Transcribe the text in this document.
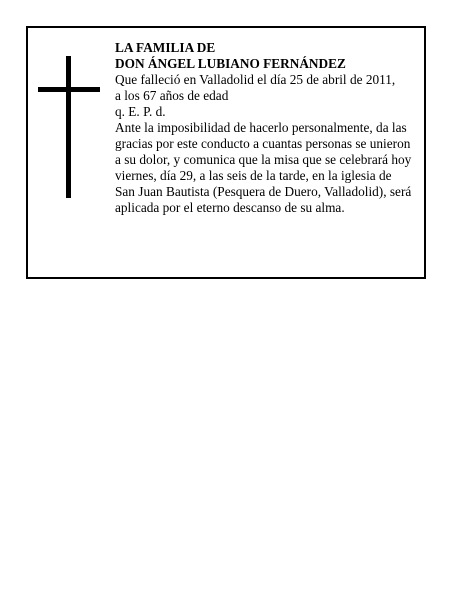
LA FAMILIA DE
DON ÁNGEL LUBIANO FERNÁNDEZ
Que falleció en Valladolid el día 25 de abril de 2011,
a los 67 años de edad
q. E. P. d.
Ante la imposibilidad de hacerlo personalmente, da las
gracias por este conducto a cuantas personas se unieron
a su dolor, y comunica que la misa que se celebrará hoy
viernes, día 29, a las seis de la tarde, en la iglesia de
San Juan Bautista (Pesquera de Duero, Valladolid), será
aplicada por el eterno descanso de su alma.
